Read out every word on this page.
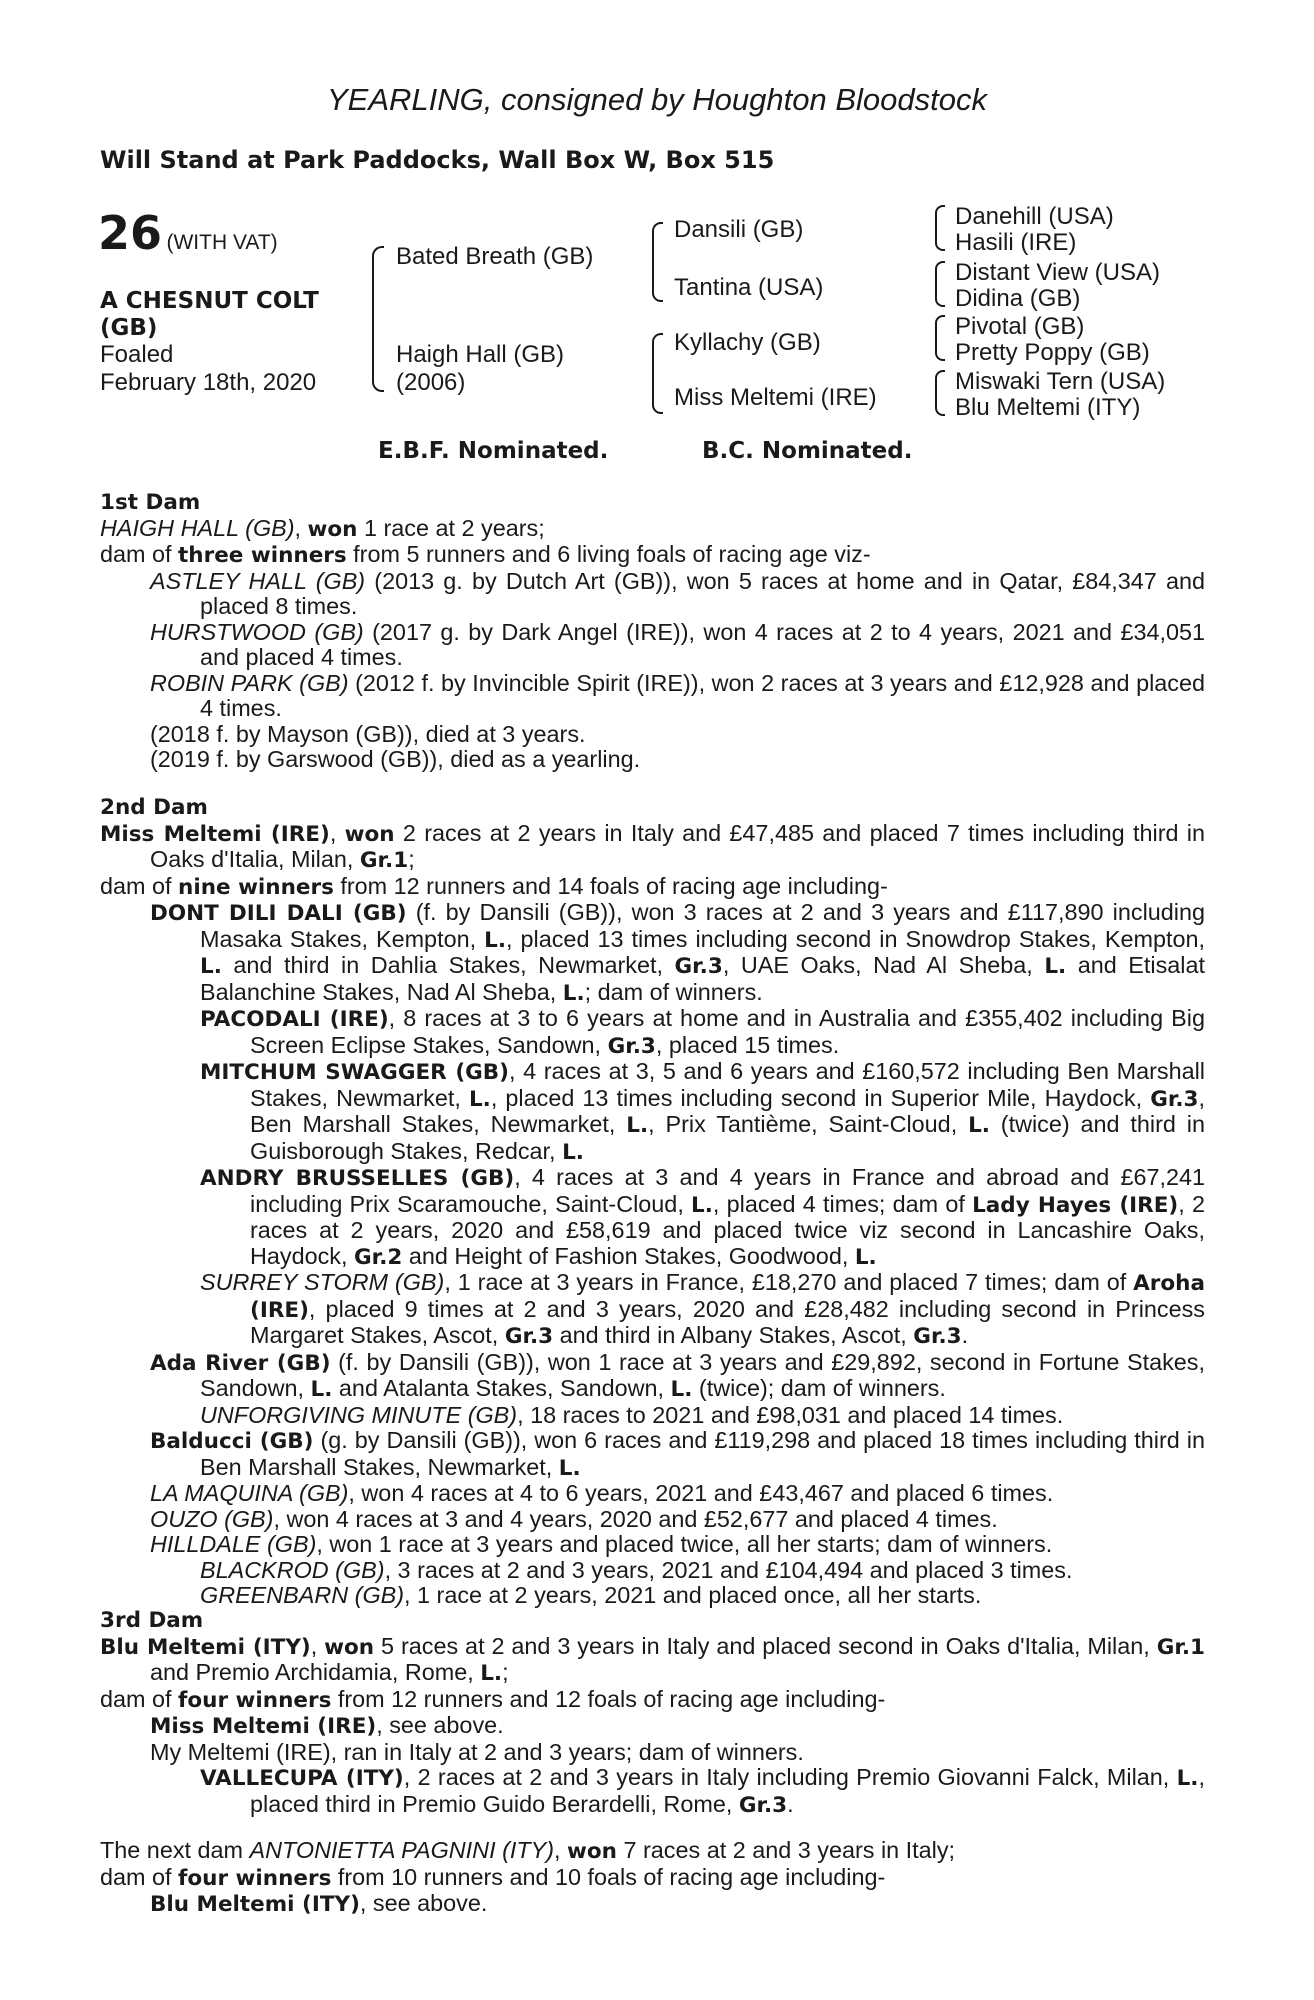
YEARLING, consigned by Houghton Bloodstock
Will Stand at Park Paddocks, Wall Box W, Box 515
26 (WITH VAT)
A CHESNUT COLT
(GB)
Foaled
February 18th, 2020
Bated Breath (GB)
Haigh Hall (GB)
(2006)
Dansili (GB)
Tantina (USA)
Kyllachy (GB)
Miss Meltemi (IRE)
Danehill (USA)
Hasili (IRE)
Distant View (USA)
Didina (GB)
Pivotal (GB)
Pretty Poppy (GB)
Miswaki Tern (USA)
Blu Meltemi (ITY)
E.B.F. Nominated.	B.C. Nominated.

1st Dam

HAIGH HALL (GB), won 1 race at 2 years;

dam of three winners from 5 runners and 6 living foals of racing age viz-

ASTLEY HALL (GB) (2013 g. by Dutch Art (GB)), won 5 races at home and in Qatar, £84,347 and placed 8 times.

HURSTWOOD (GB) (2017 g. by Dark Angel (IRE)), won 4 races at 2 to 4 years, 2021 and £34,051 and placed 4 times.

ROBIN PARK (GB) (2012 f. by Invincible Spirit (IRE)), won 2 races at 3 years and £12,928 and placed 4 times.

(2018 f. by Mayson (GB)), died at 3 years.

(2019 f. by Garswood (GB)), died as a yearling.

2nd Dam

Miss Meltemi (IRE), won 2 races at 2 years in Italy and £47,485 and placed 7 times including third in Oaks d'Italia, Milan, Gr.1;

dam of nine winners from 12 runners and 14 foals of racing age including-

DONT DILI DALI (GB) (f. by Dansili (GB)), won 3 races at 2 and 3 years and £117,890 including Masaka Stakes, Kempton, L., placed 13 times including second in Snowdrop Stakes, Kempton, L. and third in Dahlia Stakes, Newmarket, Gr.3, UAE Oaks, Nad Al Sheba, L. and Etisalat Balanchine Stakes, Nad Al Sheba, L.; dam of winners.

PACODALI (IRE), 8 races at 3 to 6 years at home and in Australia and £355,402 including Big Screen Eclipse Stakes, Sandown, Gr.3, placed 15 times.

MITCHUM SWAGGER (GB), 4 races at 3, 5 and 6 years and £160,572 including Ben Marshall Stakes, Newmarket, L., placed 13 times including second in Superior Mile, Haydock, Gr.3, Ben Marshall Stakes, Newmarket, L., Prix Tantième, Saint-Cloud, L. (twice) and third in Guisborough Stakes, Redcar, L.

ANDRY BRUSSELLES (GB), 4 races at 3 and 4 years in France and abroad and £67,241 including Prix Scaramouche, Saint-Cloud, L., placed 4 times; dam of Lady Hayes (IRE), 2 races at 2 years, 2020 and £58,619 and placed twice viz second in Lancashire Oaks, Haydock, Gr.2 and Height of Fashion Stakes, Goodwood, L.

SURREY STORM (GB), 1 race at 3 years in France, £18,270 and placed 7 times; dam of Aroha (IRE), placed 9 times at 2 and 3 years, 2020 and £28,482 including second in Princess Margaret Stakes, Ascot, Gr.3 and third in Albany Stakes, Ascot, Gr.3.

Ada River (GB) (f. by Dansili (GB)), won 1 race at 3 years and £29,892, second in Fortune Stakes, Sandown, L. and Atalanta Stakes, Sandown, L. (twice); dam of winners.

UNFORGIVING MINUTE (GB), 18 races to 2021 and £98,031 and placed 14 times.

Balducci (GB) (g. by Dansili (GB)), won 6 races and £119,298 and placed 18 times including third in Ben Marshall Stakes, Newmarket, L.

LA MAQUINA (GB), won 4 races at 4 to 6 years, 2021 and £43,467 and placed 6 times.

OUZO (GB), won 4 races at 3 and 4 years, 2020 and £52,677 and placed 4 times.

HILLDALE (GB), won 1 race at 3 years and placed twice, all her starts; dam of winners.

BLACKROD (GB), 3 races at 2 and 3 years, 2021 and £104,494 and placed 3 times.

GREENBARN (GB), 1 race at 2 years, 2021 and placed once, all her starts.

3rd Dam

Blu Meltemi (ITY), won 5 races at 2 and 3 years in Italy and placed second in Oaks d'Italia, Milan, Gr.1 and Premio Archidamia, Rome, L.;

dam of four winners from 12 runners and 12 foals of racing age including-

Miss Meltemi (IRE), see above.

My Meltemi (IRE), ran in Italy at 2 and 3 years; dam of winners.

VALLECUPA (ITY), 2 races at 2 and 3 years in Italy including Premio Giovanni Falck, Milan, L., placed third in Premio Guido Berardelli, Rome, Gr.3.

The next dam ANTONIETTA PAGNINI (ITY), won 7 races at 2 and 3 years in Italy;

dam of four winners from 10 runners and 10 foals of racing age including-

Blu Meltemi (ITY), see above.
